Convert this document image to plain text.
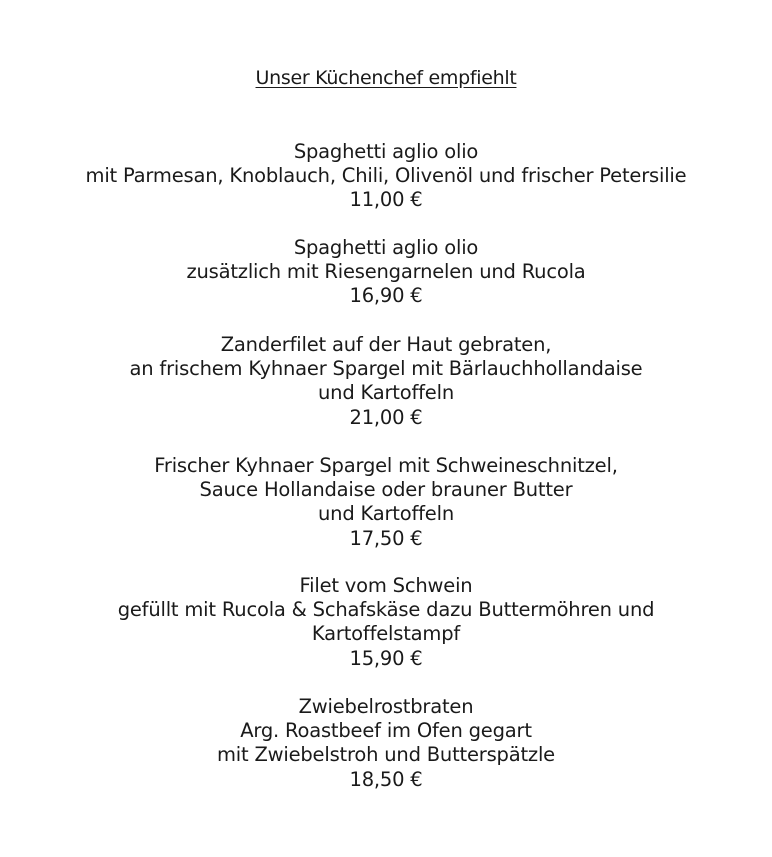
Unser Küchenchef empfiehlt
Spaghetti aglio olio
mit Parmesan, Knoblauch, Chili, Olivenöl und frischer Petersilie
11,00 €
Spaghetti aglio olio
zusätzlich mit Riesengarnelen und Rucola
16,90 €
Zanderfilet auf der Haut gebraten,
an frischem Kyhnaer Spargel mit Bärlauchhollandaise
und Kartoffeln
21,00 €
Frischer Kyhnaer Spargel mit Schweineschnitzel,
Sauce Hollandaise oder brauner Butter
und Kartoffeln
17,50 €
Filet vom Schwein
gefüllt mit Rucola & Schafskäse dazu Buttermöhren und
Kartoffelstampf
15,90 €
Zwiebelrostbraten
Arg. Roastbeef im Ofen gegart
mit Zwiebelstroh und Butterspätzle
18,50 €
